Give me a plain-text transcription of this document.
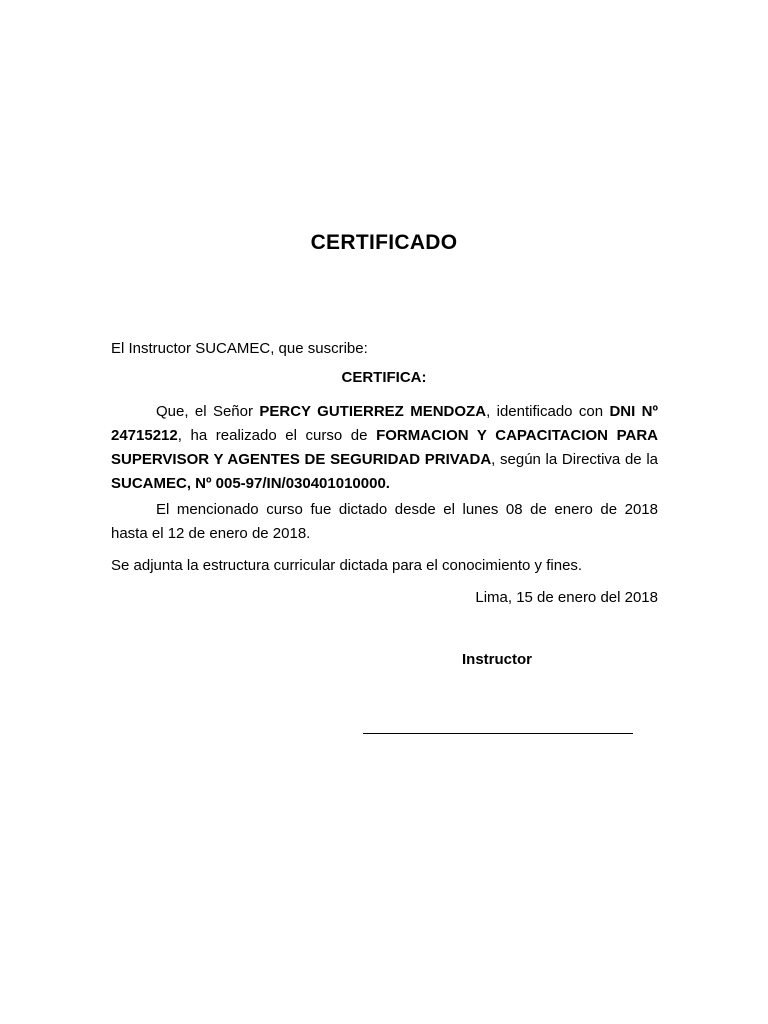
CERTIFICADO

El Instructor SUCAMEC, que suscribe:

CERTIFICA:

Que, el Señor PERCY GUTIERREZ MENDOZA, identificado con DNI Nº 24715212, ha realizado el curso de FORMACION Y CAPACITACION PARA SUPERVISOR Y AGENTES DE SEGURIDAD PRIVADA, según la Directiva de la SUCAMEC, Nº 005-97/IN/030401010000.

El mencionado curso fue dictado desde el lunes 08 de enero de 2018 hasta el 12 de enero de 2018.

Se adjunta la estructura curricular dictada para el conocimiento y fines.

Lima, 15 de enero del 2018

Instructor
